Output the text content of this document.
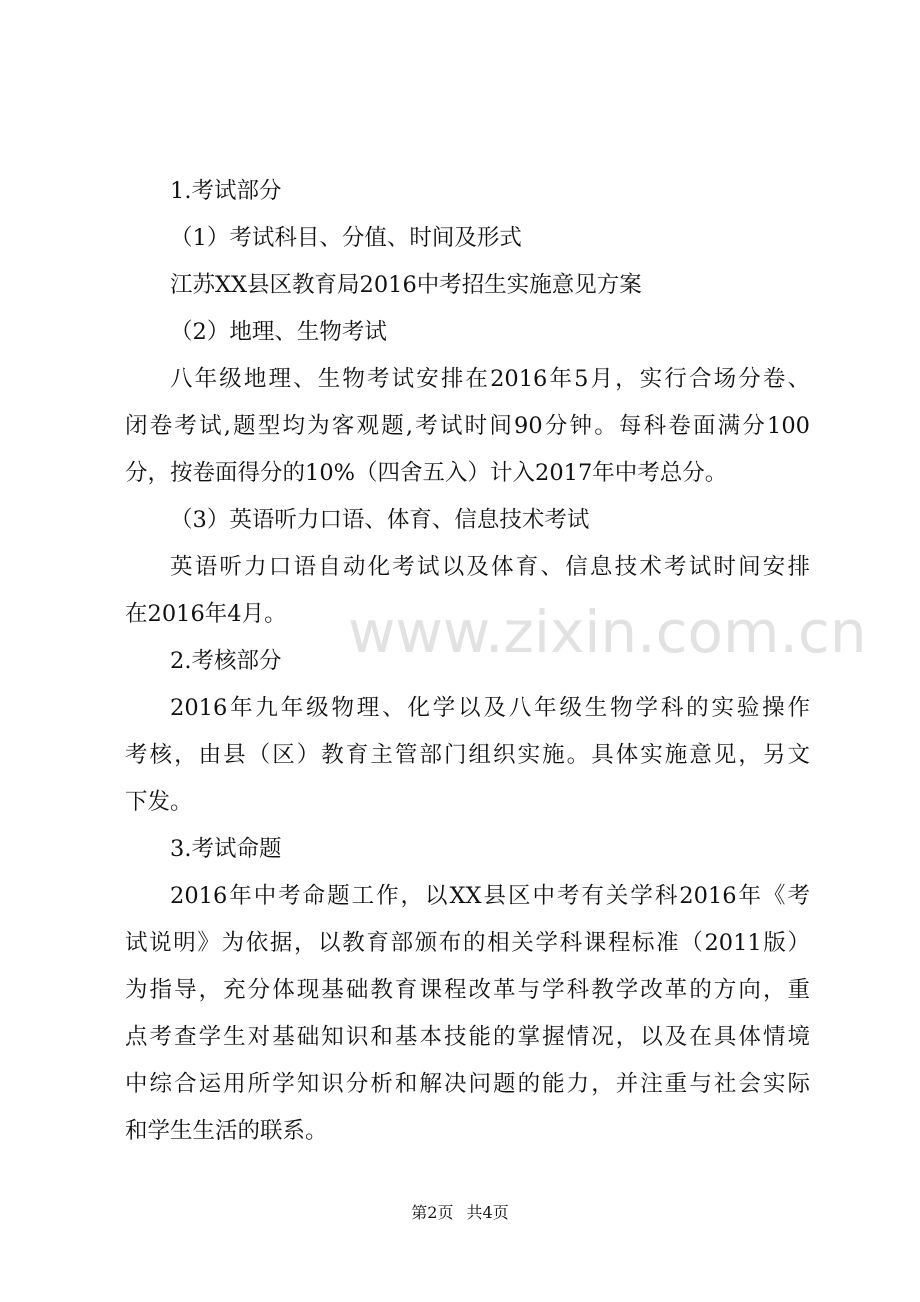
www.zixin.com.cn
1.考试部分
（1）考试科目、分值、时间及形式
江苏XX县区教育局2016中考招生实施意见方案
（2）地理、生物考试
八年级地理、生物考试安排在2016年5月，实行合场分卷、
闭卷考试,题型均为客观题,考试时间90分钟。每科卷面满分100
分，按卷面得分的10%（四舍五入）计入2017年中考总分。
（3）英语听力口语、体育、信息技术考试
英语听力口语自动化考试以及体育、信息技术考试时间安排
在2016年4月。
2.考核部分
2016年九年级物理、化学以及八年级生物学科的实验操作
考核，由县（区）教育主管部门组织实施。具体实施意见，另文
下发。
3.考试命题
2016年中考命题工作，以XX县区中考有关学科2016年《考
试说明》为依据，以教育部颁布的相关学科课程标准（2011版）
为指导，充分体现基础教育课程改革与学科教学改革的方向，重
点考查学生对基础知识和基本技能的掌握情况，以及在具体情境
中综合运用所学知识分析和解决问题的能力，并注重与社会实际
和学生生活的联系。
第2页 共4页
